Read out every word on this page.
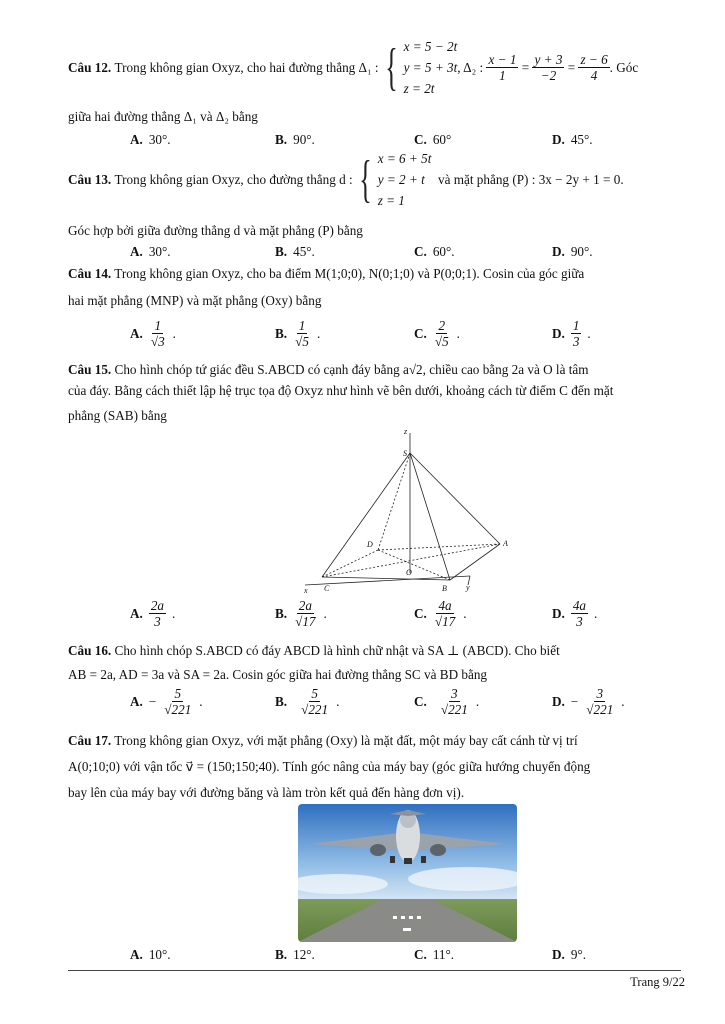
Câu 12.
Trong không gian Oxyz, cho hai đường thẳng Δ₁ : { x = 5 − 2t
y = 5 + 3t
z = 2t
, Δ₂ :
$\frac{x - 1}{1} = \frac{y + 3}{-2} = \frac{z - 6}{4}$ . Góc
giữa hai đường thẳng Δ₁ và Δ₂ bằng
A. 30°.	B. 90°.	C. 60°	D. 45°.
Câu 13.
Trong không gian Oxyz, cho đường thẳng d : { x = 6 + 5t
y = 2 + t
z = 1

và mặt phẳng (P) : 3x − 2y + 1 = 0.
Góc hợp bởi giữa đường thẳng d và mặt phẳng (P) bằng
A. 30°.	B. 45°.	C. 60°.	D. 90°.
Câu 14. Trong không gian Oxyz, cho ba điểm M(1;0;0), N(0;1;0) và P(0;0;1). Cosin của góc giữa
hai mặt phẳng (MNP) và mặt phẳng (Oxy) bằng
A. $\frac{1}{√3}$ .	B. $\frac{1}{√5}$ .	C. $\frac{2}{√5}$ .	D. $\frac{1}{3}$ .
Câu 15. Cho hình chóp tứ giác đều S.ABCD có cạnh đáy bằng a√2, chiều cao bằng 2a và O là tâm
của đáy. Bằng cách thiết lập hệ trục tọa độ Oxyz như hình vẽ bên dưới, khoảng cách từ điểm C đến mặt
phẳng (SAB) bằng
z
S
A
B
C
D
O
x	y
A. $\frac{2a}{3}$ .	B. $\frac{2a}{√17}$ .	C. $\frac{4a}{√17}$ .	D. $\frac{4a}{3}$ .
Câu 16. Cho hình chóp S.ABCD có đáy ABCD là hình chữ nhật và SA ⊥ (ABCD). Cho biết
AB = 2a, AD = 3a và SA = 2a. Cosin góc giữa hai đường thẳng SC và BD bằng
A. − $\frac{5}{√221}$ .	B. $\frac{5}{√221}$ .	C. $\frac{3}{√221}$ .	D. − $\frac{3}{√221}$ .
Câu 17. Trong không gian Oxyz, với mặt phẳng (Oxy) là mặt đất, một máy bay cất cánh từ vị trí
A(0;10;0) với vận tốc v⃗ = (150;150;40). Tính góc nâng của máy bay (góc giữa hướng chuyển động
bay lên của máy bay với đường băng và làm tròn kết quả đến hàng đơn vị).
A. 10°.	B. 12°.	C. 11°.	D. 9°.
Trang 9/22
